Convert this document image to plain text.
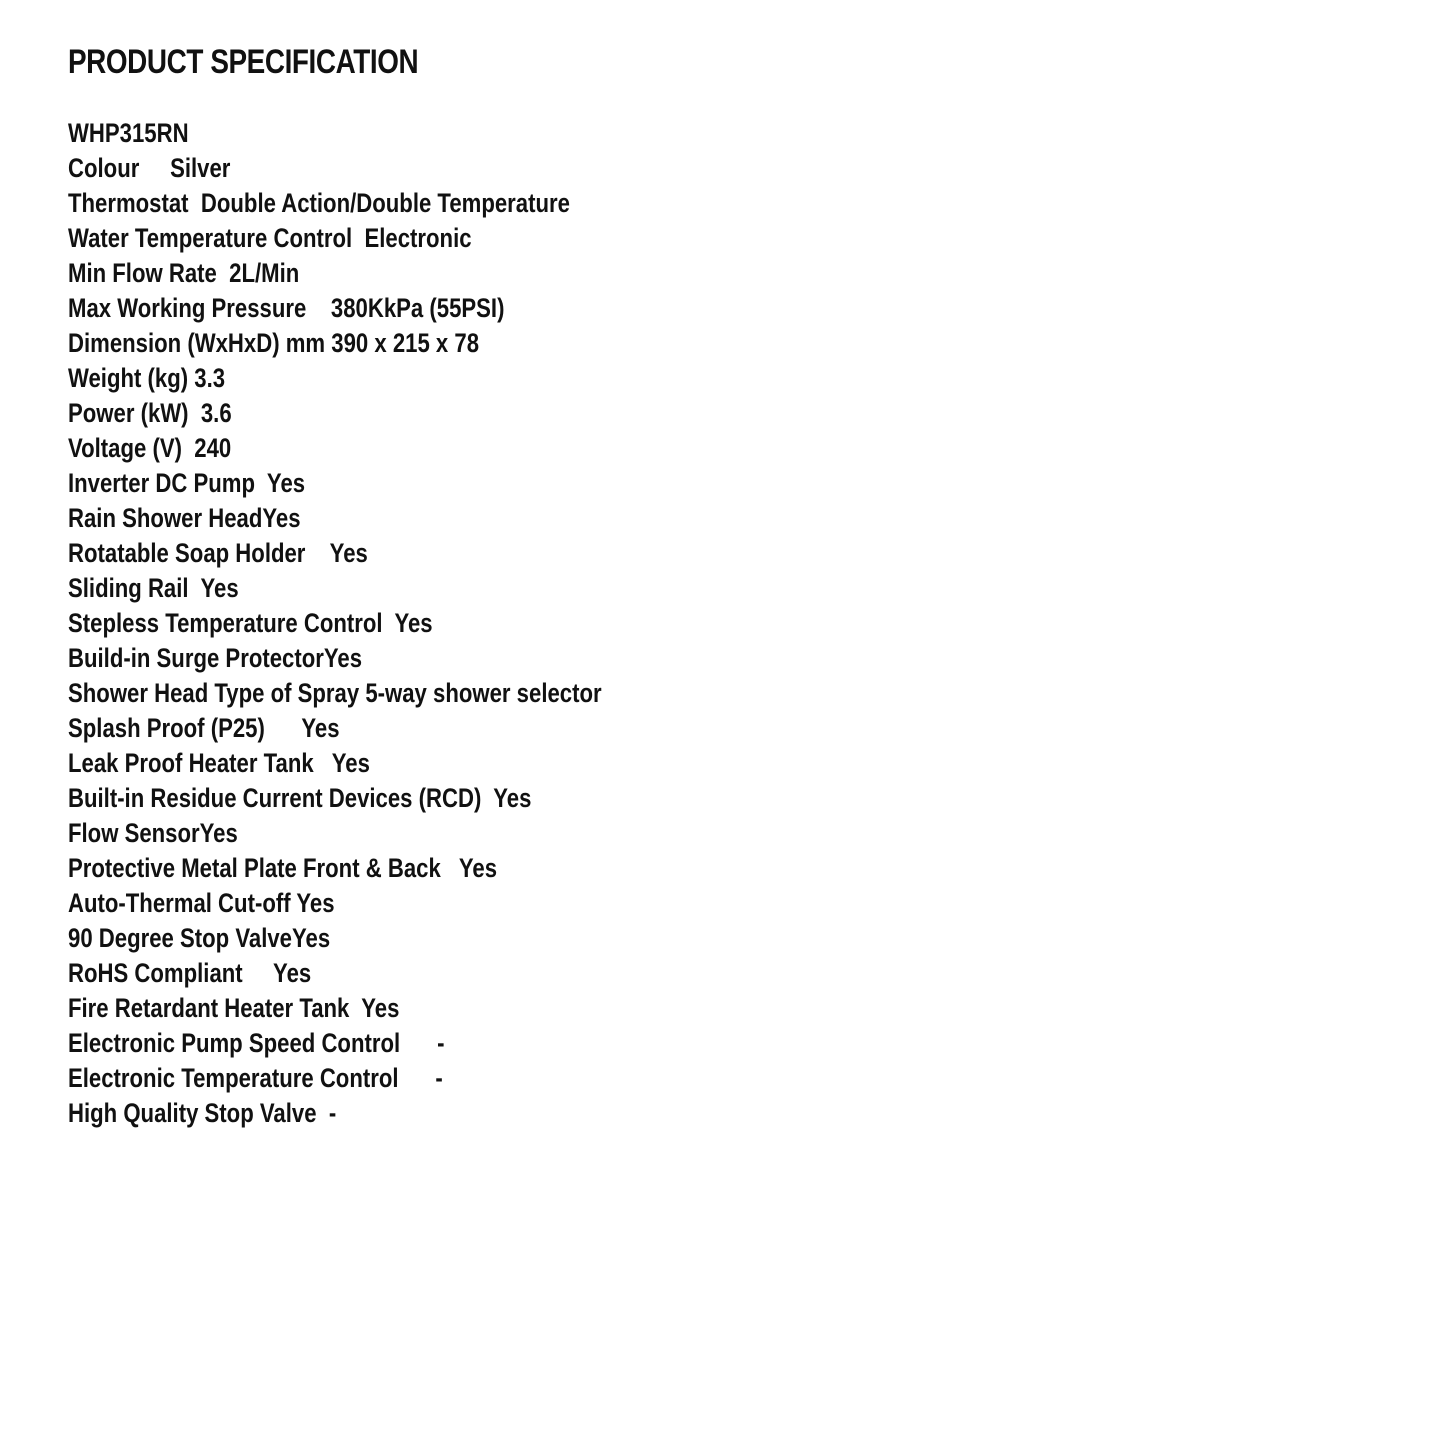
PRODUCT SPECIFICATION
WHP315RN
Colour Silver
Thermostat Double Action/Double Temperature
Water Temperature Control Electronic
Min Flow Rate 2L/Min
Max Working Pressure 380KkPa (55PSI)
Dimension (WxHxD) mm 390 x 215 x 78
Weight (kg) 3.3
Power (kW) 3.6
Voltage (V) 240
Inverter DC Pump Yes
Rain Shower HeadYes
Rotatable Soap Holder Yes
Sliding Rail Yes
Stepless Temperature Control Yes
Build-in Surge ProtectorYes
Shower Head Type of Spray 5-way shower selector
Splash Proof (P25) Yes
Leak Proof Heater Tank Yes
Built-in Residue Current Devices (RCD) Yes
Flow SensorYes
Protective Metal Plate Front & Back Yes
Auto-Thermal Cut-off Yes
90 Degree Stop ValveYes
RoHS Compliant Yes
Fire Retardant Heater Tank Yes
Electronic Pump Speed Control -
Electronic Temperature Control -
High Quality Stop Valve -
